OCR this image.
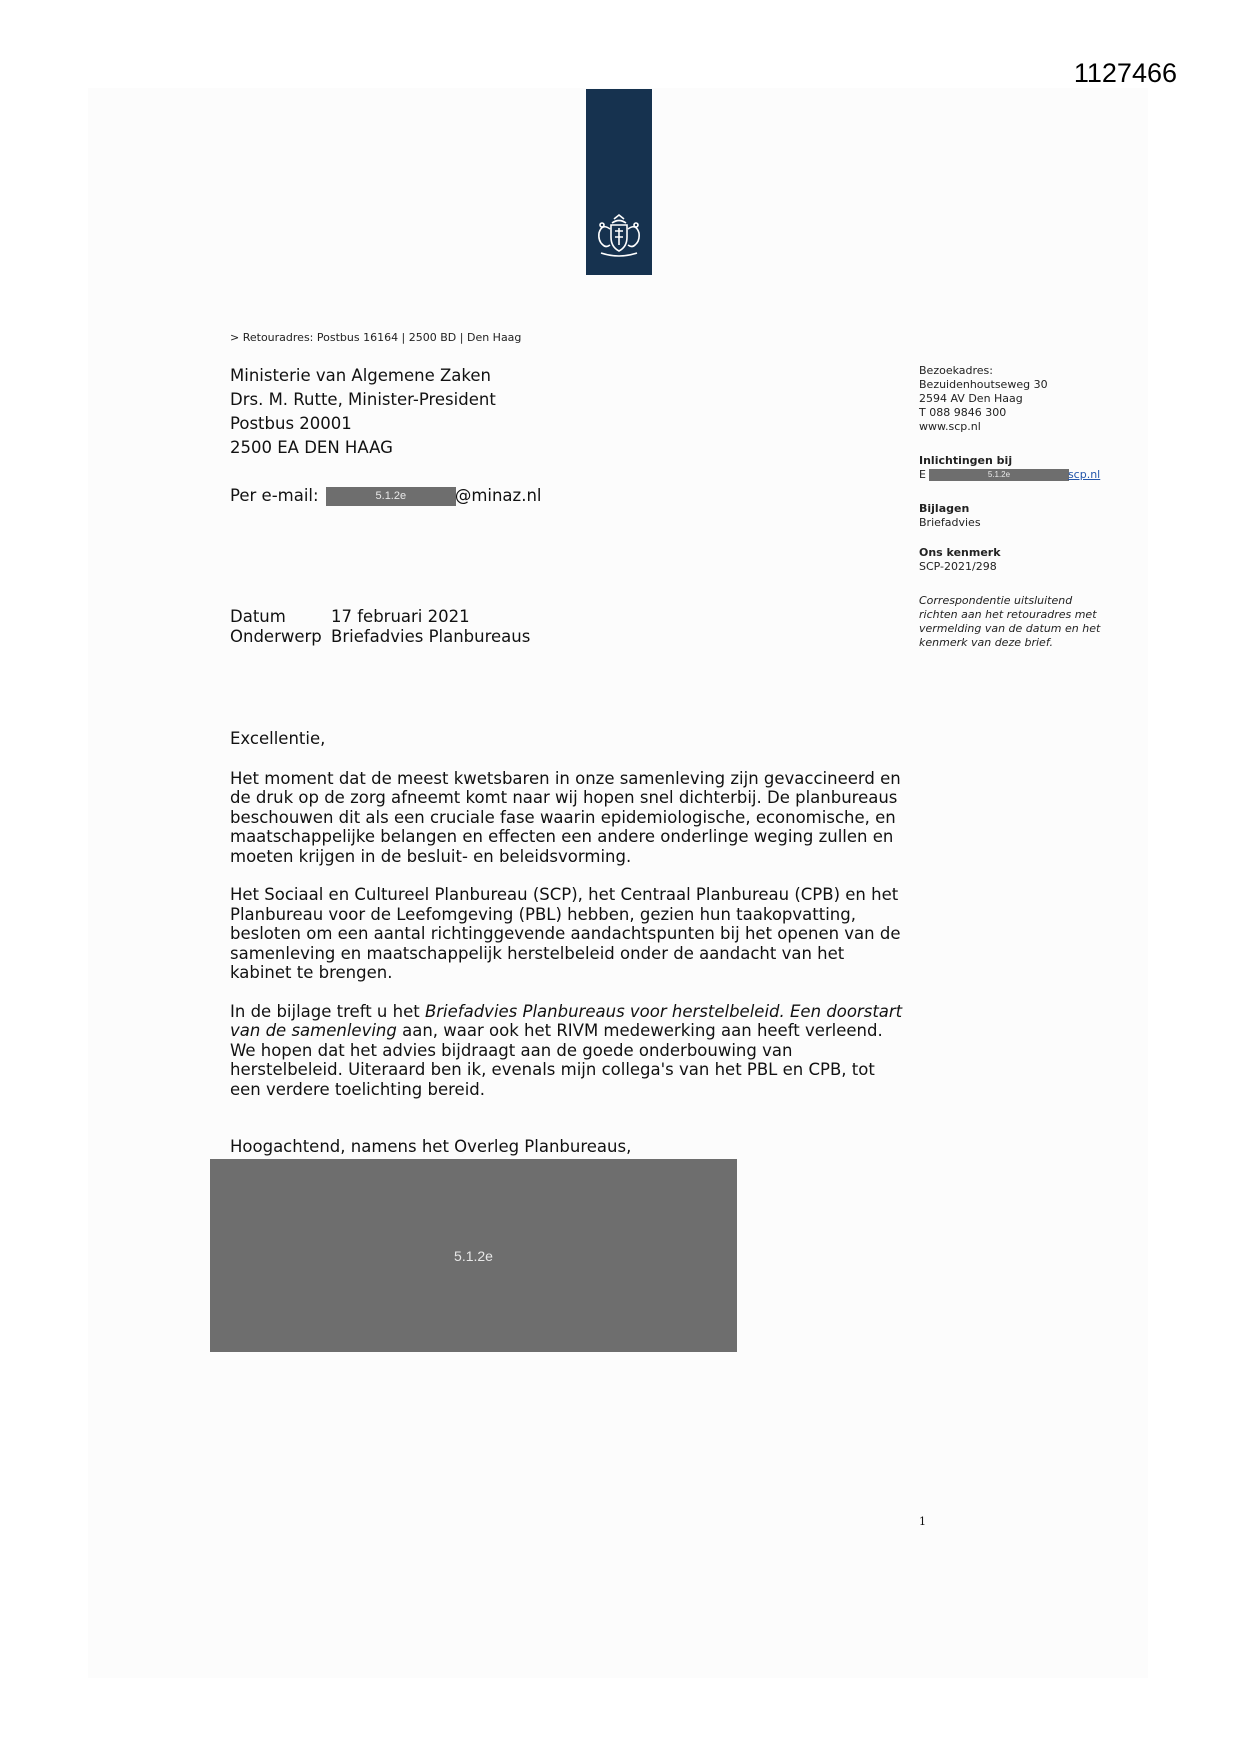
1127466
> Retouradres: Postbus 16164 | 2500 BD | Den Haag
Ministerie van Algemene Zaken
Drs. M. Rutte, Minister-President
Postbus 20001
2500 EA DEN HAAG
Per e-mail:	5.1.2e	@minaz.nl
Datum	17 februari 2021
Onderwerp Briefadvies Planbureaus
Bezoekadres:
Bezuidenhoutseweg 30
2594 AV Den Haag
T 088 9846 300
www.scp.nl
Inlichtingen bij
E	5.1.2e	scp.nl
Bijlagen
Briefadvies
Ons kenmerk
SCP-2021/298
Correspondentie uitsluitend richten aan het retouradres met vermelding van de datum en het kenmerk van deze brief.

Excellentie,

Het moment dat de meest kwetsbaren in onze samenleving zijn gevaccineerd en de druk op de zorg afneemt komt naar wij hopen snel dichterbij. De planbureaus beschouwen dit als een cruciale fase waarin epidemiologische, economische, en maatschappelijke belangen en effecten een andere onderlinge weging zullen en moeten krijgen in de besluit- en beleidsvorming.

Het Sociaal en Cultureel Planbureau (SCP), het Centraal Planbureau (CPB) en het Planbureau voor de Leefomgeving (PBL) hebben, gezien hun taakopvatting, besloten om een aantal richtinggevende aandachtspunten bij het openen van de samenleving en maatschappelijk herstelbeleid onder de aandacht van het kabinet te brengen.

In de bijlage treft u het Briefadvies Planbureaus voor herstelbeleid. Een doorstart van de samenleving aan, waar ook het RIVM medewerking aan heeft verleend. We hopen dat het advies bijdraagt aan de goede onderbouwing van herstelbeleid. Uiteraard ben ik, evenals mijn collega's van het PBL en CPB, tot een verdere toelichting bereid.

Hoogachtend, namens het Overleg Planbureaus,
5.1.2e
1
